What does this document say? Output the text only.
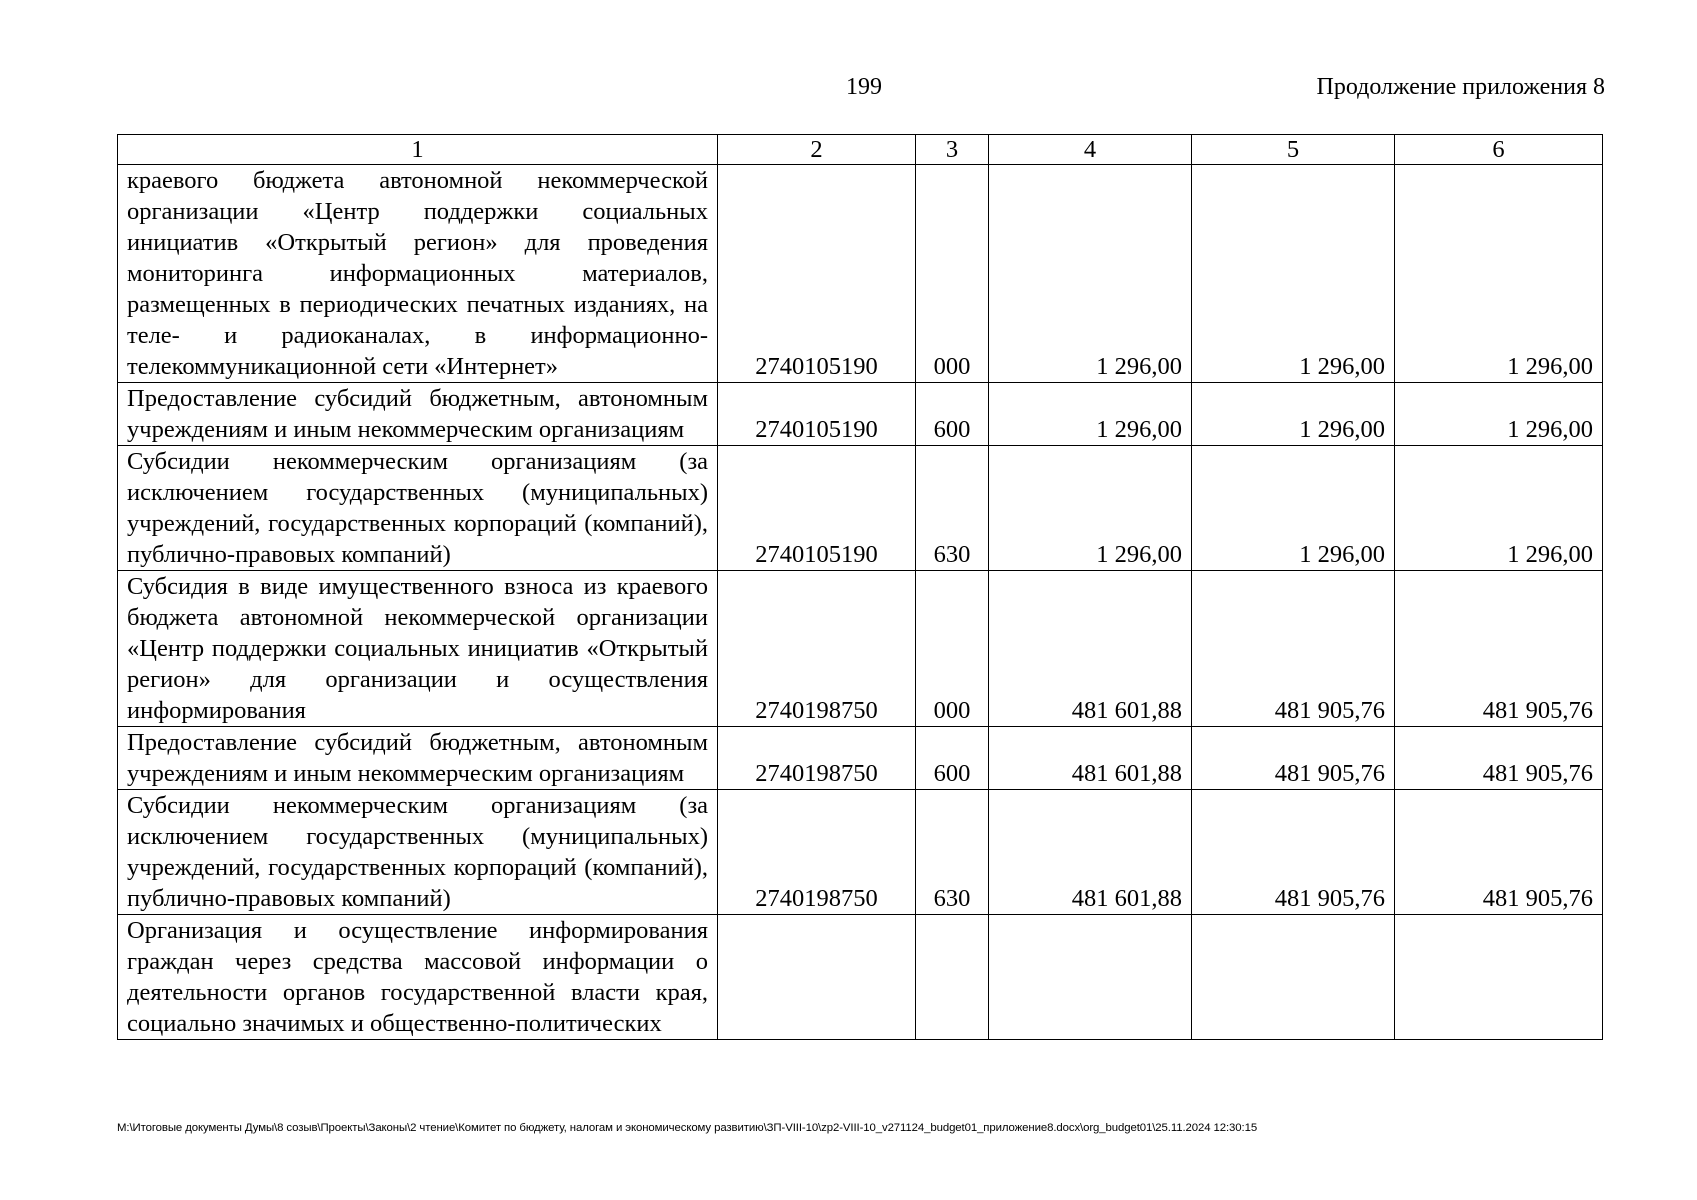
199	Продолжение приложения 8
1	2	3	4	5	6
краевого бюджета автономной некоммерческой организации «Центр поддержки социальных инициатив «Открытый регион» для проведения мониторинга информационных материалов, размещенных в периодических печатных изданиях, на теле- и радиоканалах, в информационно-телекоммуникационной сети «Интернет»	2740105190	000	1 296,00	1 296,00	1 296,00
Предоставление субсидий бюджетным, автономным учреждениям и иным некоммерческим организациям	2740105190	600	1 296,00	1 296,00	1 296,00
Субсидии некоммерческим организациям (за исключением государственных (муниципальных) учреждений, государственных корпораций (компаний), публично-правовых компаний)	2740105190	630	1 296,00	1 296,00	1 296,00
Субсидия в виде имущественного взноса из краевого бюджета автономной некоммерческой организации «Центр поддержки социальных инициатив «Открытый регион» для организации и осуществления информирования	2740198750	000	481 601,88	481 905,76	481 905,76
Предоставление субсидий бюджетным, автономным учреждениям и иным некоммерческим организациям	2740198750	600	481 601,88	481 905,76	481 905,76
Субсидии некоммерческим организациям (за исключением государственных (муниципальных) учреждений, государственных корпораций (компаний), публично-правовых компаний)	2740198750	630	481 601,88	481 905,76	481 905,76
Организация и осуществление информирования граждан через средства массовой информации о деятельности органов государственной власти края, социально значимых и общественно-политических					
M:\Итоговые документы Думы\8 созыв\Проекты\Законы\2 чтение\Комитет по бюджету, налогам и экономическому развитию\ЗП-VIII-10\zp2-VIII-10_v271124_budget01_приложение8.docx\org_budget01\25.11.2024 12:30:15
